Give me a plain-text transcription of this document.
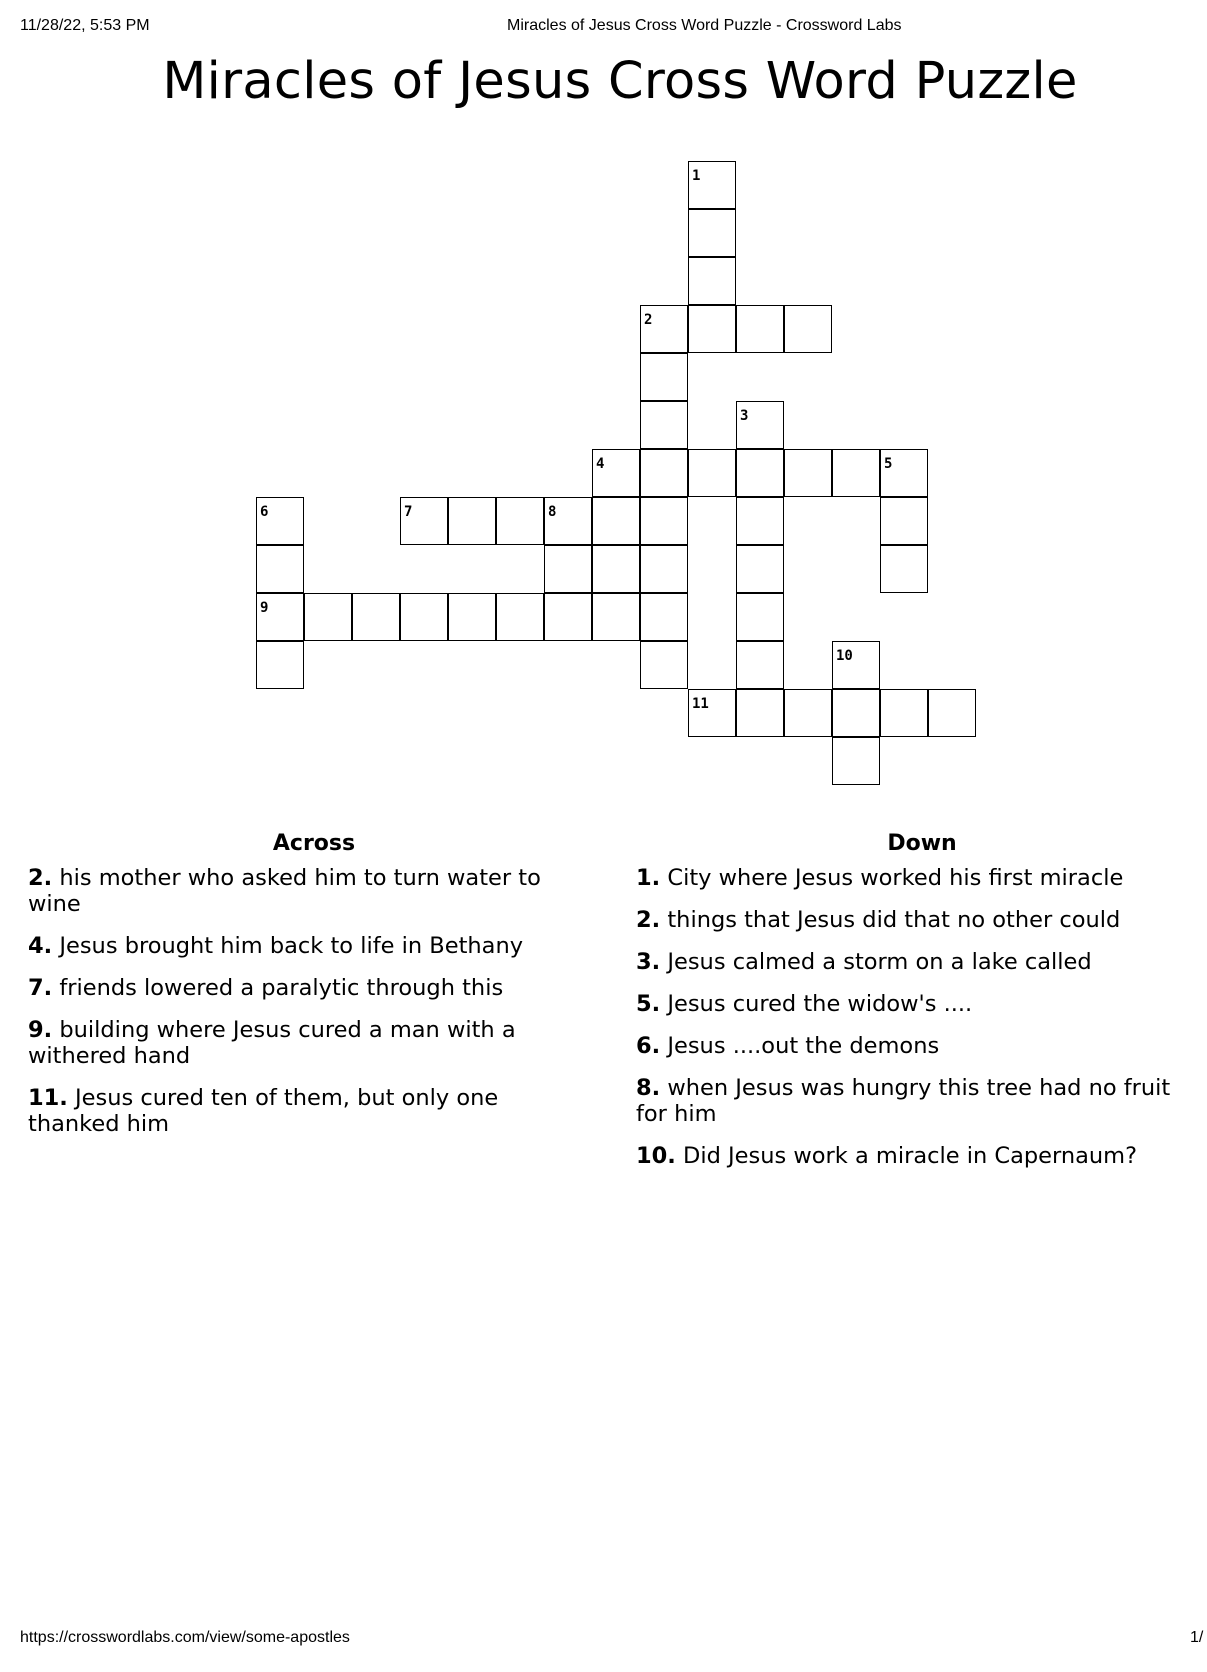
11/28/22, 5:53 PM	Miracles of Jesus Cross Word Puzzle - Crossword Labs
Miracles of Jesus Cross Word Puzzle
1
2
3
4	5
6	7	8
9
10
11
Across	Down
2. his mother who asked him to turn water to wine
4. Jesus brought him back to life in Bethany
7. friends lowered a paralytic through this
9. building where Jesus cured a man with a withered hand
11. Jesus cured ten of them, but only one thanked him
1. City where Jesus worked his first miracle
2. things that Jesus did that no other could
3. Jesus calmed a storm on a lake called
5. Jesus cured the widow's ....
6. Jesus ....out the demons
8. when Jesus was hungry this tree had no fruit for him
10. Did Jesus work a miracle in Capernaum?
https://crosswordlabs.com/view/some-apostles	1/
